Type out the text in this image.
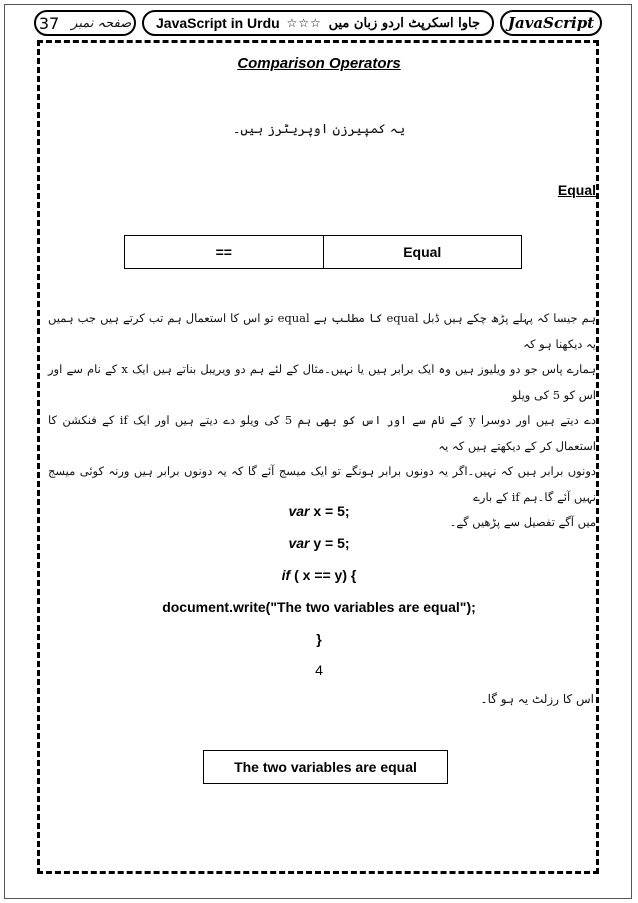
37 صفحہ نمبر JavaScript in Urdu ☆☆☆ جاوا اسکرپٹ اردو زبان میں JavaScript
Comparison Operators
یہ کمپیرزن اوپریٹرز ہیں۔
Equal
==	Equal
ہم جیسا کہ پہلے پڑھ چکے ہیں ڈبل equal کا مطلب ہے equal تو اس کا استعمال ہم تب کرتے ہیں جب ہمیں یہ دیکھنا ہو کہ
ہمارے پاس جو دو ویلیوز ہیں وہ ایک برابر ہیں یا نہیں۔مثال کے لئے ہم دو ویریبل بناتے ہیں ایک x کے نام سے اور اس کو 5 کی ویلو
دے دیتے ہیں اور دوسرا y کے نام سے اور اس کو بھی ہم 5 کی ویلو دے دیتے ہیں اور ایک if کے فنکشن کا استعمال کر کے دیکھتے ہیں کہ یہ
دونوں برابر ہیں کہ نہیں۔اگر یہ دونوں برابر ہونگے تو ایک میسج آئے گا کہ یہ دونوں برابر ہیں ورنہ کوئی میسج نہیں آئے گا۔ہم if کے بارے
میں آگے تفصیل سے پڑھیں گے۔
var x = 5;
var y = 5;
if ( x == y) {
document.write("The two variables are equal");
}
4
اس کا رزلٹ یہ ہو گا۔
The two variables are equal
